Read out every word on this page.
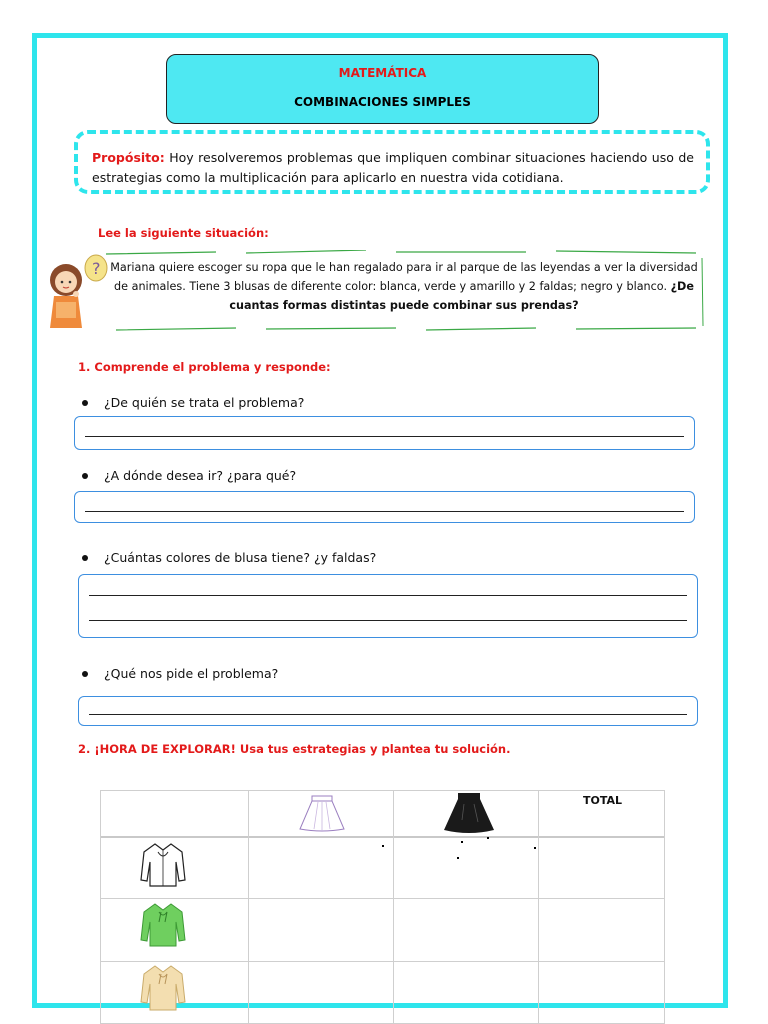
MATEMÁTICA
COMBINACIONES SIMPLES
Propósito: Hoy resolveremos problemas que impliquen combinar situaciones haciendo uso de estrategias como la multiplicación para aplicarlo en nuestra vida cotidiana.
Lee la siguiente situación:
? Mariana quiere escoger su ropa que le han regalado para ir al parque de las leyendas a ver la diversidad de animales. Tiene 3 blusas de diferente color: blanca, verde y amarillo y 2 faldas; negro y blanco. ¿De cuantas formas distintas puede combinar sus prendas?
1. Comprende el problema y responde:
¿De quién se trata el problema?
¿A dónde desea ir? ¿para qué?
¿Cuántas colores de blusa tiene? ¿y faldas?
¿Qué nos pide el problema?
2. ¡HORA DE EXPLORAR! Usa tus estrategias y plantea tu solución.
TOTAL
